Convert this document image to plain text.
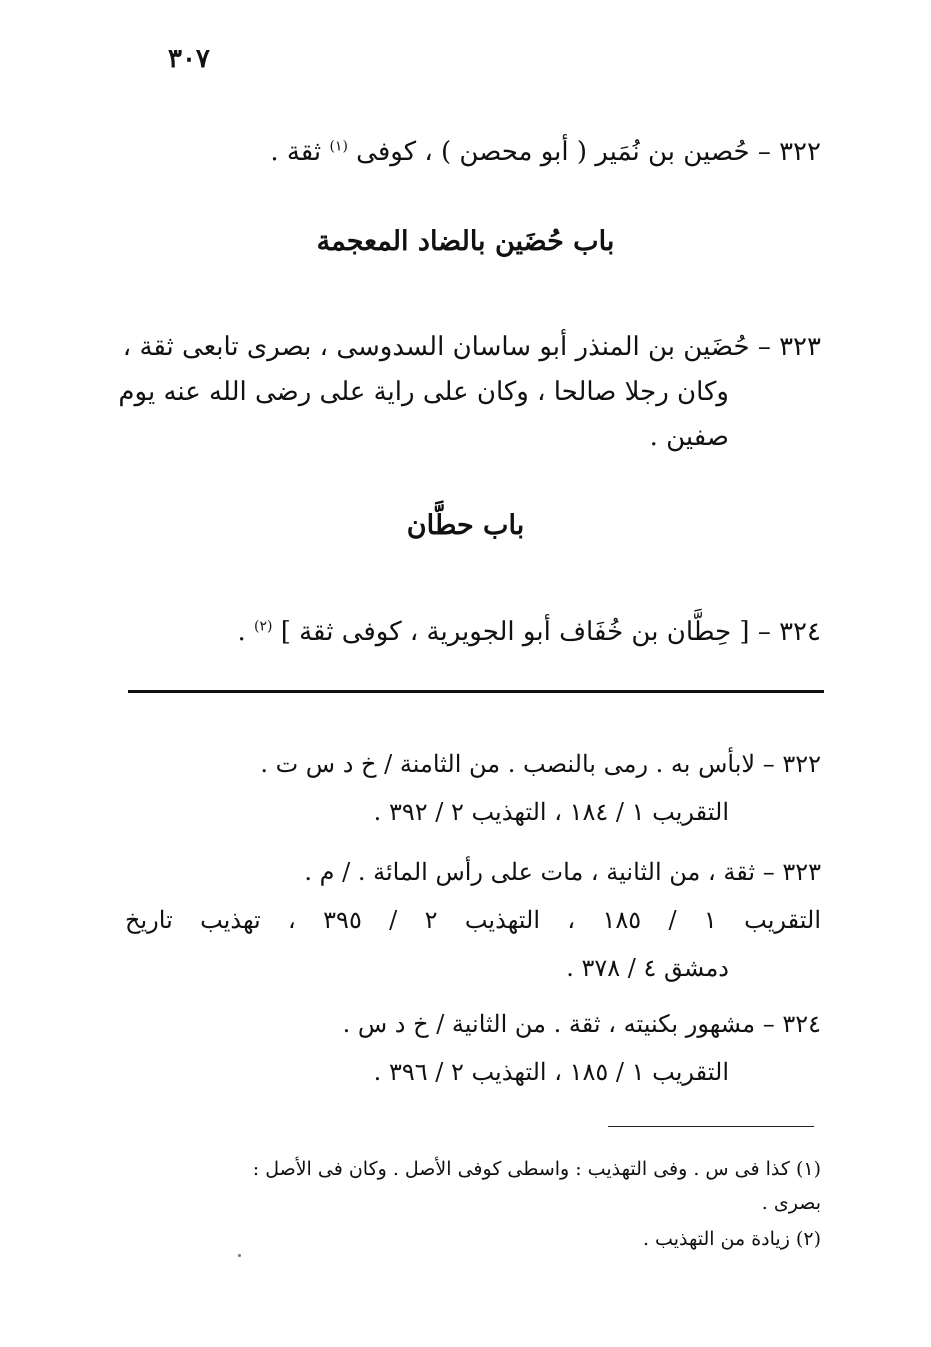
٣٠٧
٣٢٢ – حُصين بن نُمَير ( أبو محصن ) ، كوفى $^{(١)}$ ثقة .
باب حُضَين بالضاد المعجمة
٣٢٣ – حُضَين بن المنذر أبو ساسان السدوسى ، بصرى تابعى ثقة ،
وكان رجلا صالحا ، وكان على راية على رضى الله عنه يوم
صفين .
باب حطَّان
٣٢٤ – [ حِطَّان بن خُفَاف أبو الجويرية ، كوفى ثقة ] $^{(٢)}$ .
٣٢٢ – لابأس به . رمى بالنصب . من الثامنة / خ د س ت .
التقريب ١ / ١٨٤ ، التهذيب ٢ / ٣٩٢ .
٣٢٣ – ثقة ، من الثانية ، مات على رأس المائة . / م .
التقريب ١ / ١٨٥ ، التهذيب ٢ / ٣٩٥ ، تهذيب تاريخ
دمشق ٤ / ٣٧٨ .
٣٢٤ – مشهور بكنيته ، ثقة . من الثانية / خ د س .
التقريب ١ / ١٨٥ ، التهذيب ٢ / ٣٩٦ .
(١) كذا فى س . وفى التهذيب : واسطى كوفى الأصل . وكان فى الأصل :
بصرى .
(٢) زيادة من التهذيب .
